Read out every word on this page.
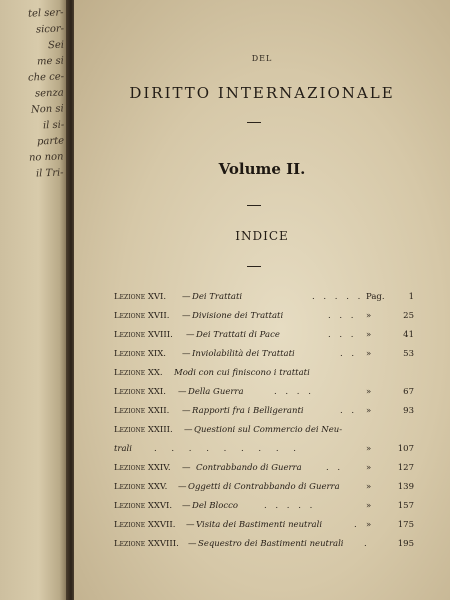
tel ser-
sicor-
Sei
me si
che ce-
senza
Non si
il si-
parte
no non
il Tri-
DEL
DIRITTO INTERNAZIONALE
Volume II.
INDICE
Lezione XVI. — Dei Trattati	. . . . . Pag.	1
Lezione XVII. — Divisione dei Trattati	. . . »	25
Lezione XVIII. — Dei Trattati di Pace	. . . »	41
Lezione XIX. — Inviolabilità dei Trattati	. . »	53
Lezione XX. Modi con cui finiscono i trattati
Lezione XXI. — Della Guerra	. . . .	»	67
Lezione XXII. — Rapporti fra i Belligeranti	. . »	93
Lezione XXIII. — Questioni sul Commercio dei Neu-
trali	. . . . . . . . .	»	107
Lezione XXIV. — Contrabbando di Guerra	. .	»	127
Lezione XXV. — Oggetti di Contrabbando di Guerra	»	139
Lezione XXVI. — Del Blocco	. . . . .	»	157
Lezione XXVII. — Visita dei Bastimenti neutrali	. »	175
Lezione XXVIII. — Sequestro dei Bastimenti neutrali .	195
